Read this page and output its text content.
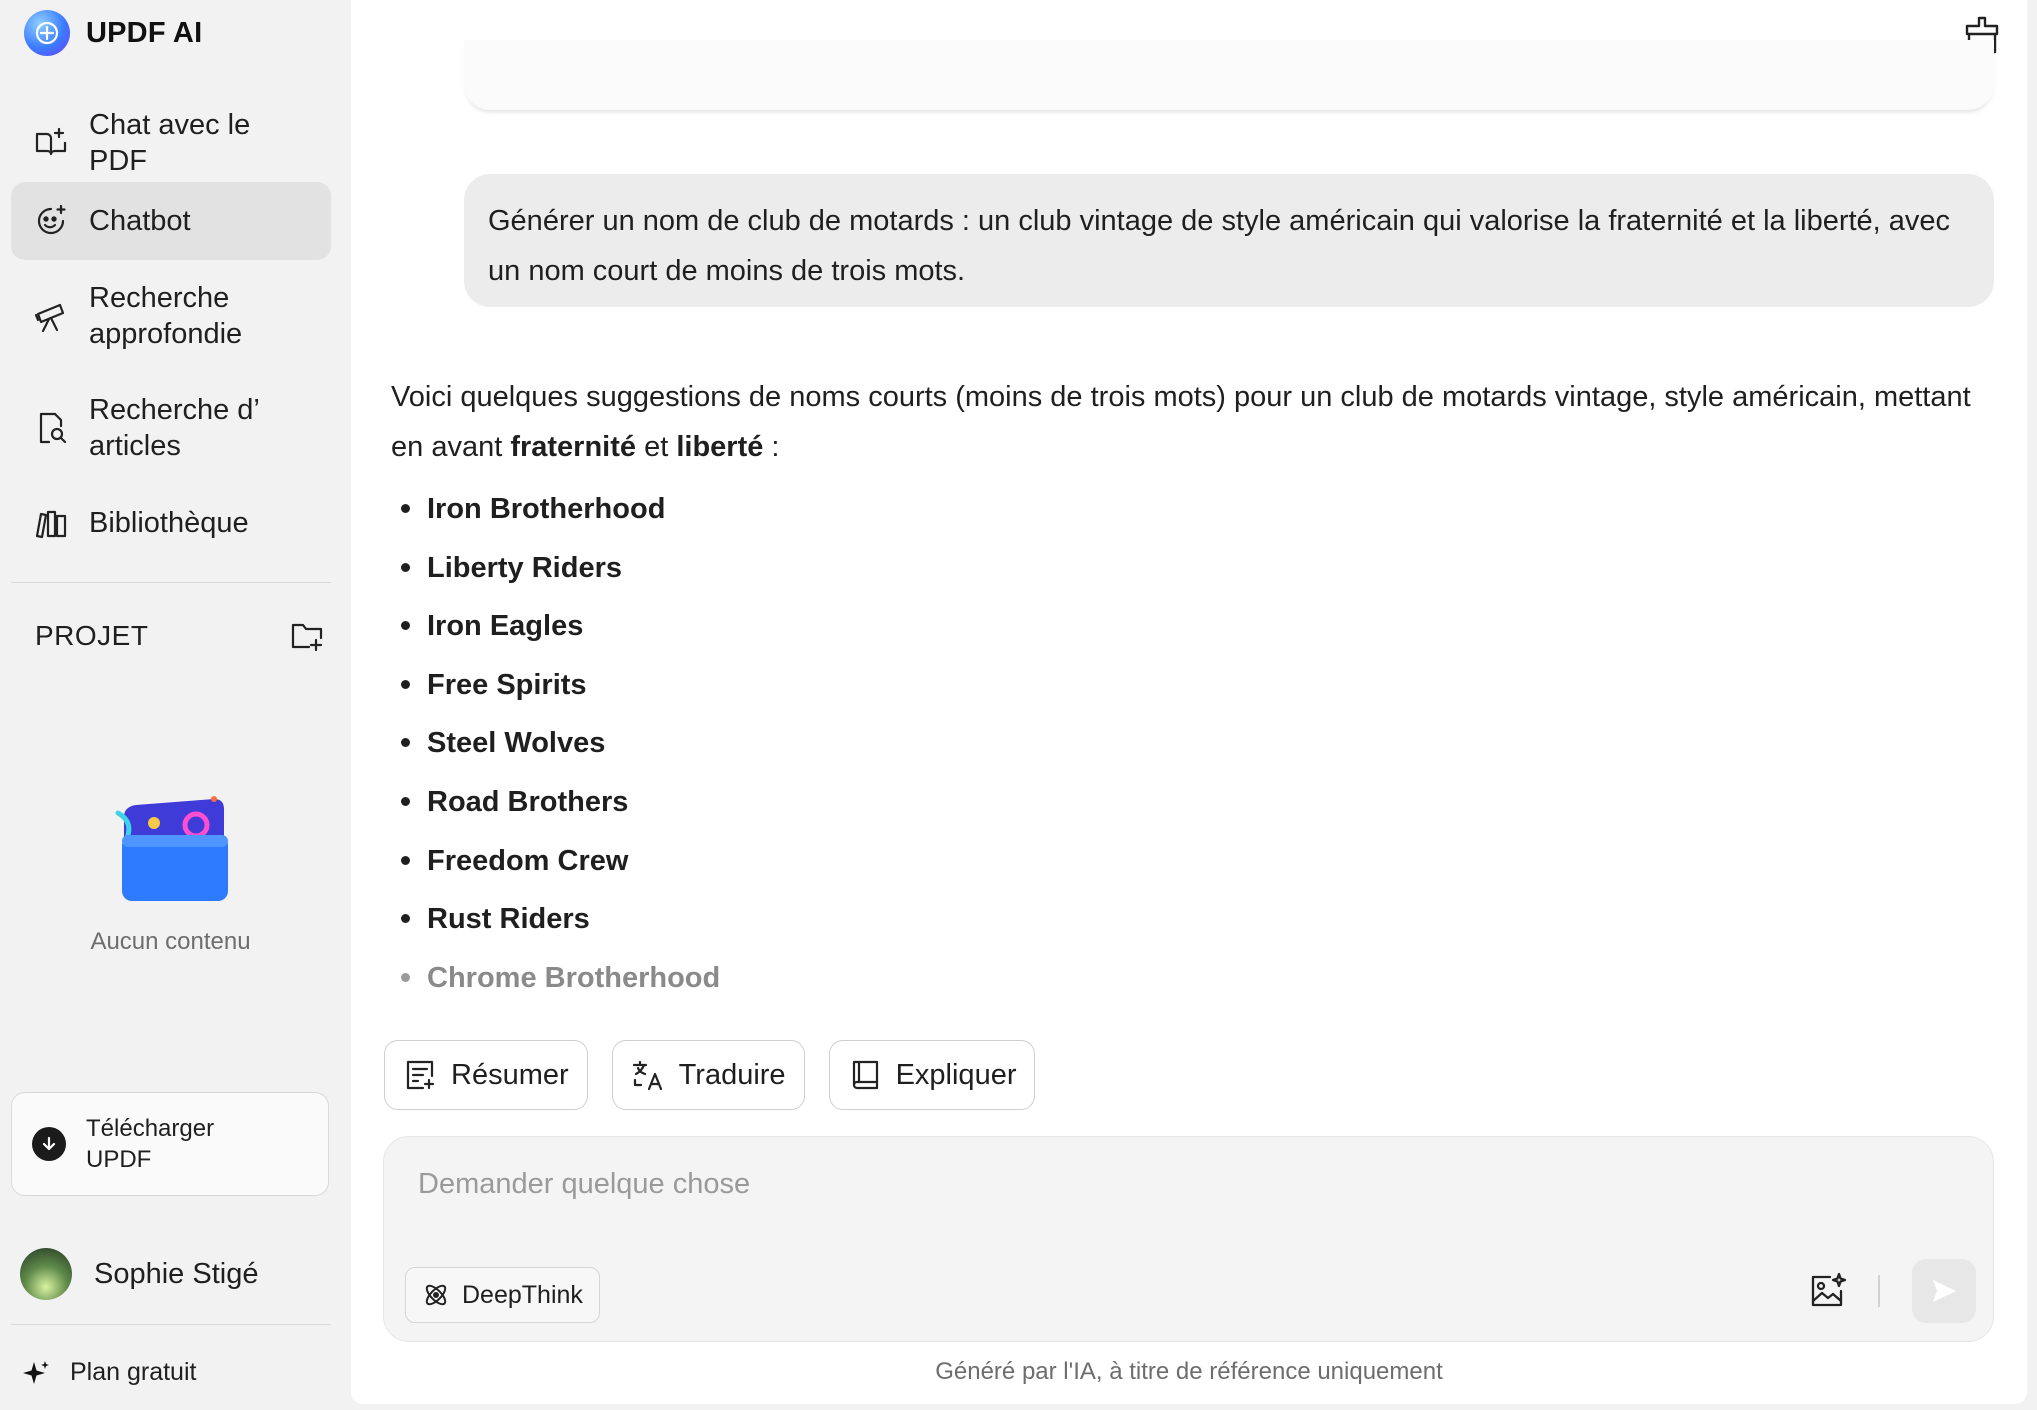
UPDF AI
Chat avec le PDF
Chatbot
Recherche approfondie
Recherche d’ articles
Bibliothèque
PROJET
Aucun contenu
Télécharger UPDF
Sophie Stigé
Plan gratuit
Générer un nom de club de motards : un club vintage de style américain qui valorise la fraternité et la liberté, avec un nom court de moins de trois mots.
Voici quelques suggestions de noms courts (moins de trois mots) pour un club de motards vintage, style américain, mettant en avant fraternité et liberté :
Iron Brotherhood
Liberty Riders
Iron Eagles
Free Spirits
Steel Wolves
Road Brothers
Freedom Crew
Rust Riders
Chrome Brotherhood
Résumer	Traduire	Expliquer
Demander quelque chose
DeepThink
Généré par l'IA, à titre de référence uniquement
